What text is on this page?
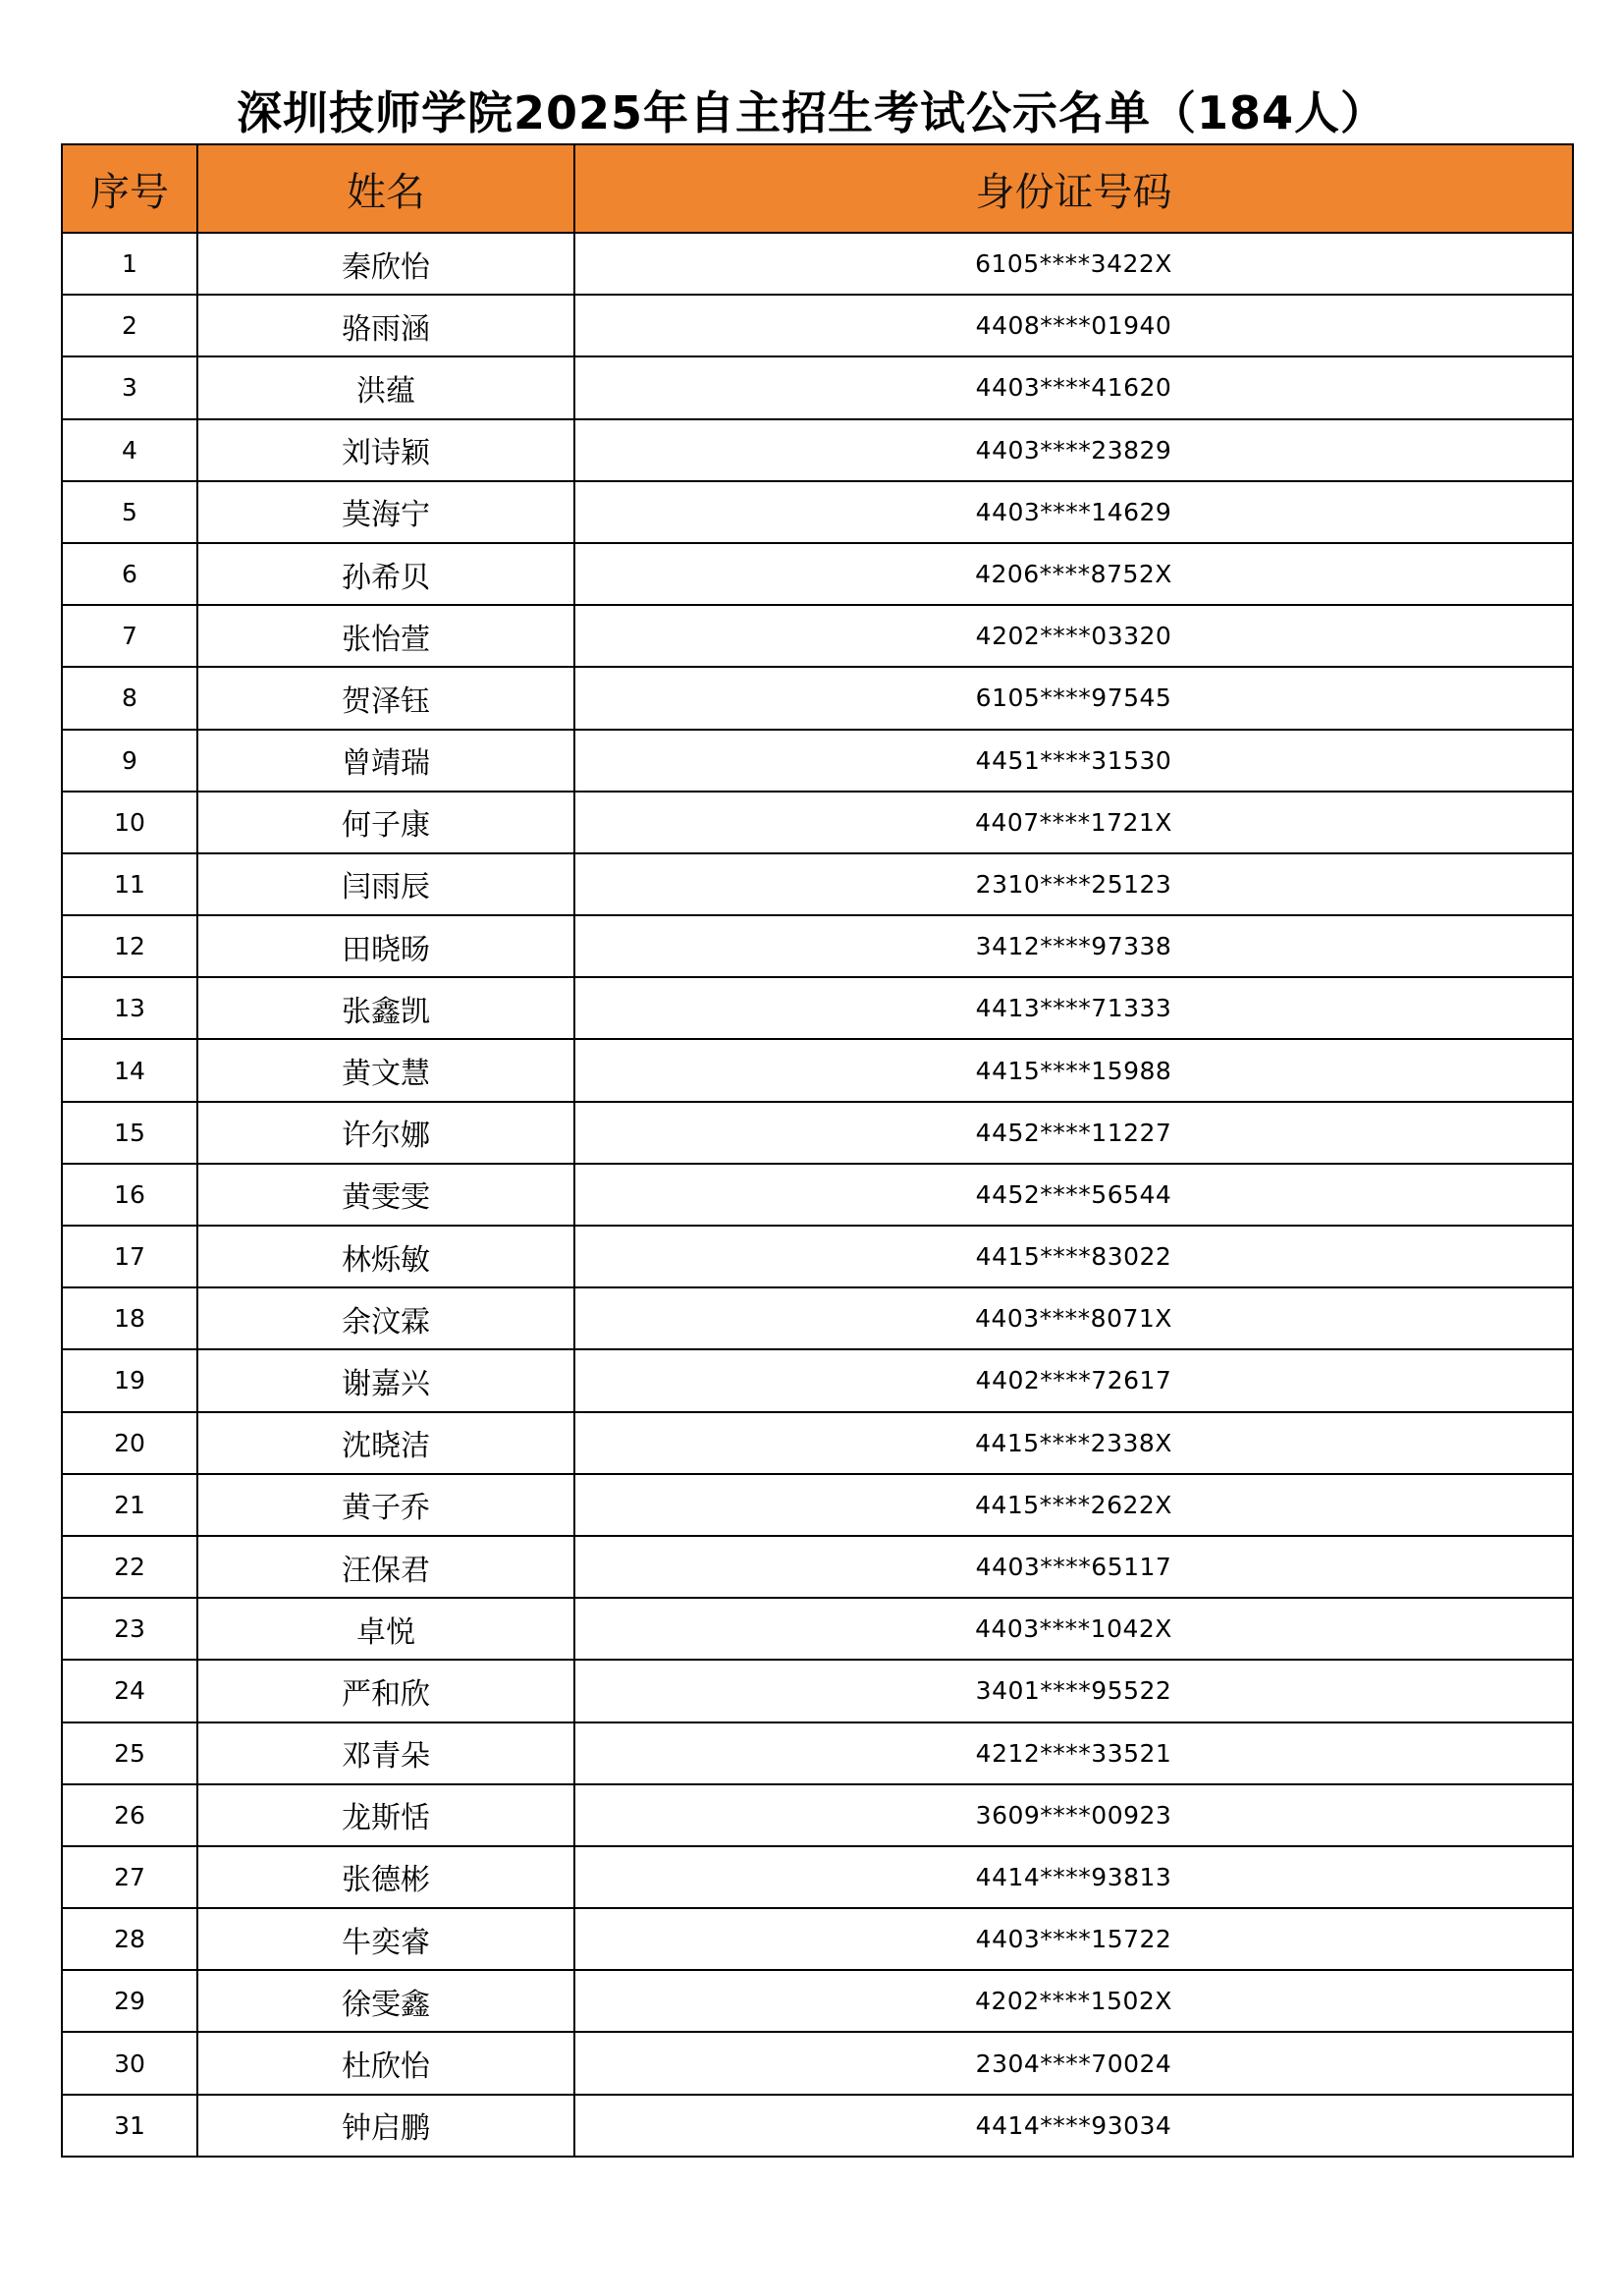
深圳技师学院2025年自主招生考试公示名单（184人）
序号	姓名	身份证号码
1	秦欣怡	6105****3422X
2	骆雨涵	4408****01940
3	洪蕴	4403****41620
4	刘诗颖	4403****23829
5	莫海宁	4403****14629
6	孙希贝	4206****8752X
7	张怡萱	4202****03320
8	贺泽钰	6105****97545
9	曾靖瑞	4451****31530
10	何子康	4407****1721X
11	闫雨辰	2310****25123
12	田晓旸	3412****97338
13	张鑫凯	4413****71333
14	黄文慧	4415****15988
15	许尔娜	4452****11227
16	黄雯雯	4452****56544
17	林烁敏	4415****83022
18	余汶霖	4403****8071X
19	谢嘉兴	4402****72617
20	沈晓洁	4415****2338X
21	黄子乔	4415****2622X
22	汪保君	4403****65117
23	卓悦	4403****1042X
24	严和欣	3401****95522
25	邓青朵	4212****33521
26	龙斯恬	3609****00923
27	张德彬	4414****93813
28	牛奕睿	4403****15722
29	徐雯鑫	4202****1502X
30	杜欣怡	2304****70024
31	钟启鹏	4414****93034
